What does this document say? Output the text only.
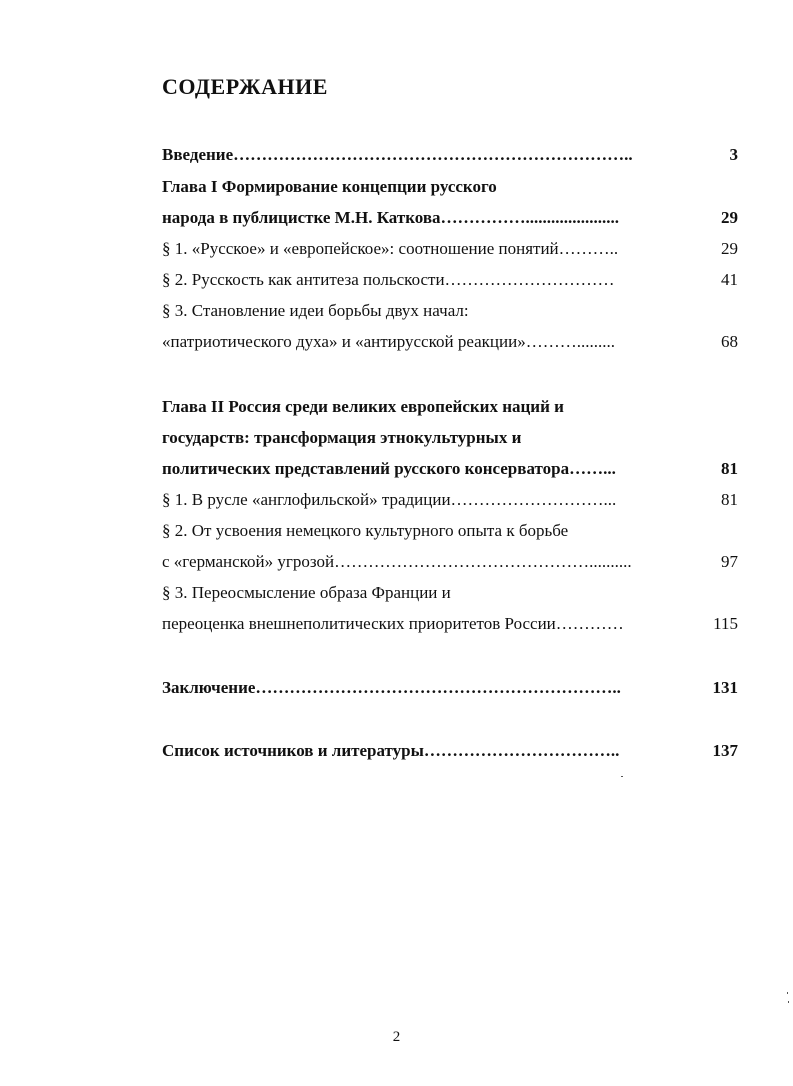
СОДЕРЖАНИЕ
Введение……………………………………………………………..	3
Глава I Формирование концепции русского
народа в публицистке М.Н. Каткова……………......................	29
§ 1. «Русское» и «европейское»: соотношение понятий………..	29
§ 2. Русскость как антитеза польскости…………………………	41
§ 3. Становление идеи борьбы двух начал:
«патриотического духа» и «антирусской реакции»……….........	68
Глава II Россия среди великих европейских наций и
государств: трансформация этнокультурных и
политических представлений русского консерватора……...	81
§ 1. В русле «англофильской» традиции………………………...	81
§ 2. От усвоения немецкого культурного опыта к борьбе
с «германской» угрозой………………………………………..........	97
§ 3. Переосмысление образа Франции и
переоценка внешнеполитических приоритетов России…………	115
Заключение………………………………………………………..	131
Список источников и литературы……………………………..	137
2
